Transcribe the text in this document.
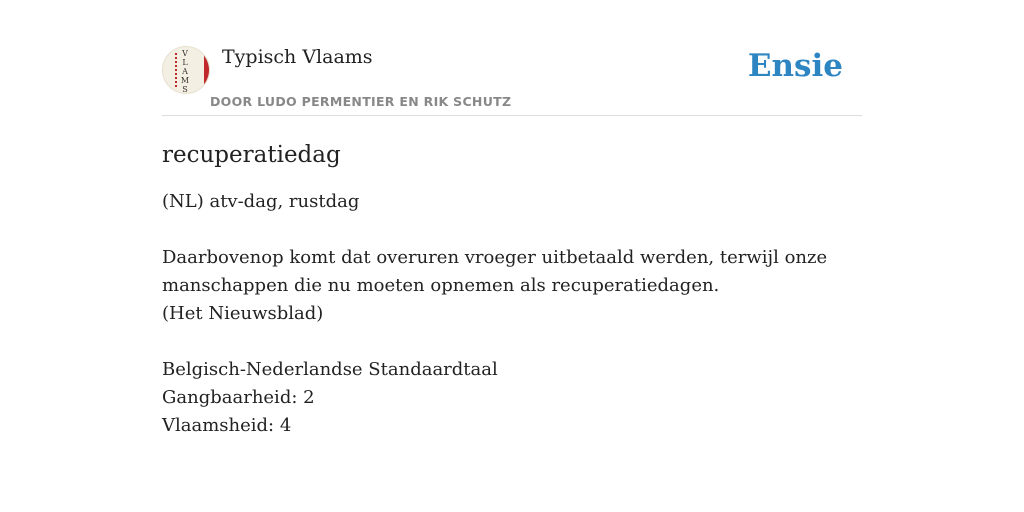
V
L
A
M
S
Typisch Vlaams
DOOR LUDO PERMENTIER EN RIK SCHUTZ
Ensie
recuperatiedag

(NL) atv-dag, rustdag

Daarbovenop komt dat overuren vroeger uitbetaald werden, terwijl onze

manschappen die nu moeten opnemen als recuperatiedagen.

(Het Nieuwsblad)

Belgisch-Nederlandse Standaardtaal

Gangbaarheid: 2

Vlaamsheid: 4
